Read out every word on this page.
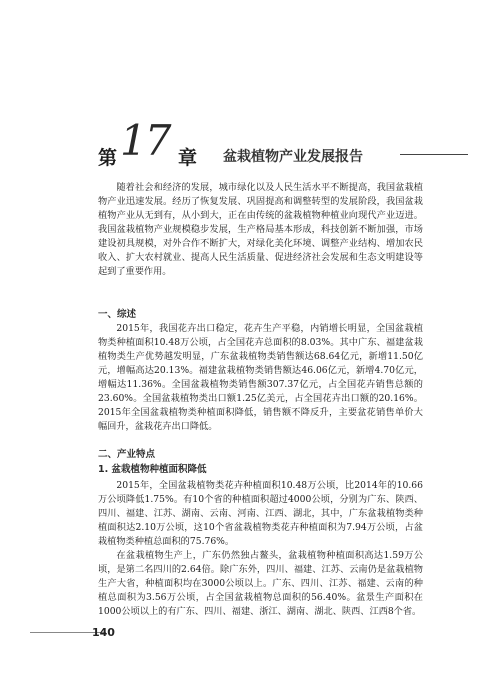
第 17 章 盆栽植物产业发展报告

随着社会和经济的发展，城市绿化以及人民生活水平不断提高，我国盆栽植物产业迅速发展。经历了恢复发展、巩固提高和调整转型的发展阶段，我国盆栽植物产业从无到有，从小到大，正在由传统的盆栽植物种植业向现代产业迈进。我国盆栽植物产业规模稳步发展，生产格局基本形成，科技创新不断加强，市场建设初具规模，对外合作不断扩大，对绿化美化环境、调整产业结构、增加农民收入、扩大农村就业、提高人民生活质量、促进经济社会发展和生态文明建设等起到了重要作用。

一、综述

2015年，我国花卉出口稳定，花卉生产平稳，内销增长明显，全国盆栽植物类种植面积10.48万公顷，占全国花卉总面积的8.03%。其中广东、福建盆栽植物类生产优势越发明显，广东盆栽植物类销售额达68.64亿元，新增11.50亿元，增幅高达20.13%。福建盆栽植物类销售额达46.06亿元，新增4.70亿元，增幅达11.36%。全国盆栽植物类销售额307.37亿元，占全国花卉销售总额的23.60%。全国盆栽植物类出口额1.25亿美元，占全国花卉出口额的20.16%。2015年全国盆栽植物类种植面积降低，销售额不降反升，主要盆花销售单价大幅回升，盆栽花卉出口降低。

二、产业特点
1. 盆栽植物种植面积降低

2015年，全国盆栽植物类花卉种植面积10.48万公顷，比2014年的10.66万公顷降低1.75%。有10个省的种植面积超过4000公顷，分别为广东、陕西、四川、福建、江苏、湖南、云南、河南、江西、湖北，其中，广东盆栽植物类种植面积达2.10万公顷，这10个省盆栽植物类花卉种植面积为7.94万公顷，占盆栽植物类种植总面积的75.76%。

在盆栽植物生产上，广东仍然独占鳌头，盆栽植物种植面积高达1.59万公顷，是第二名四川的2.64倍。除广东外，四川、福建、江苏、云南仍是盆栽植物生产大省，种植面积均在3000公顷以上。广东、四川、江苏、福建、云南的种植总面积为3.56万公顷，占全国盆栽植物总面积的56.40%。盆景生产面积在1000公顷以上的有广东、四川、福建、浙江、湖南、湖北、陕西、江西8个省。

140
